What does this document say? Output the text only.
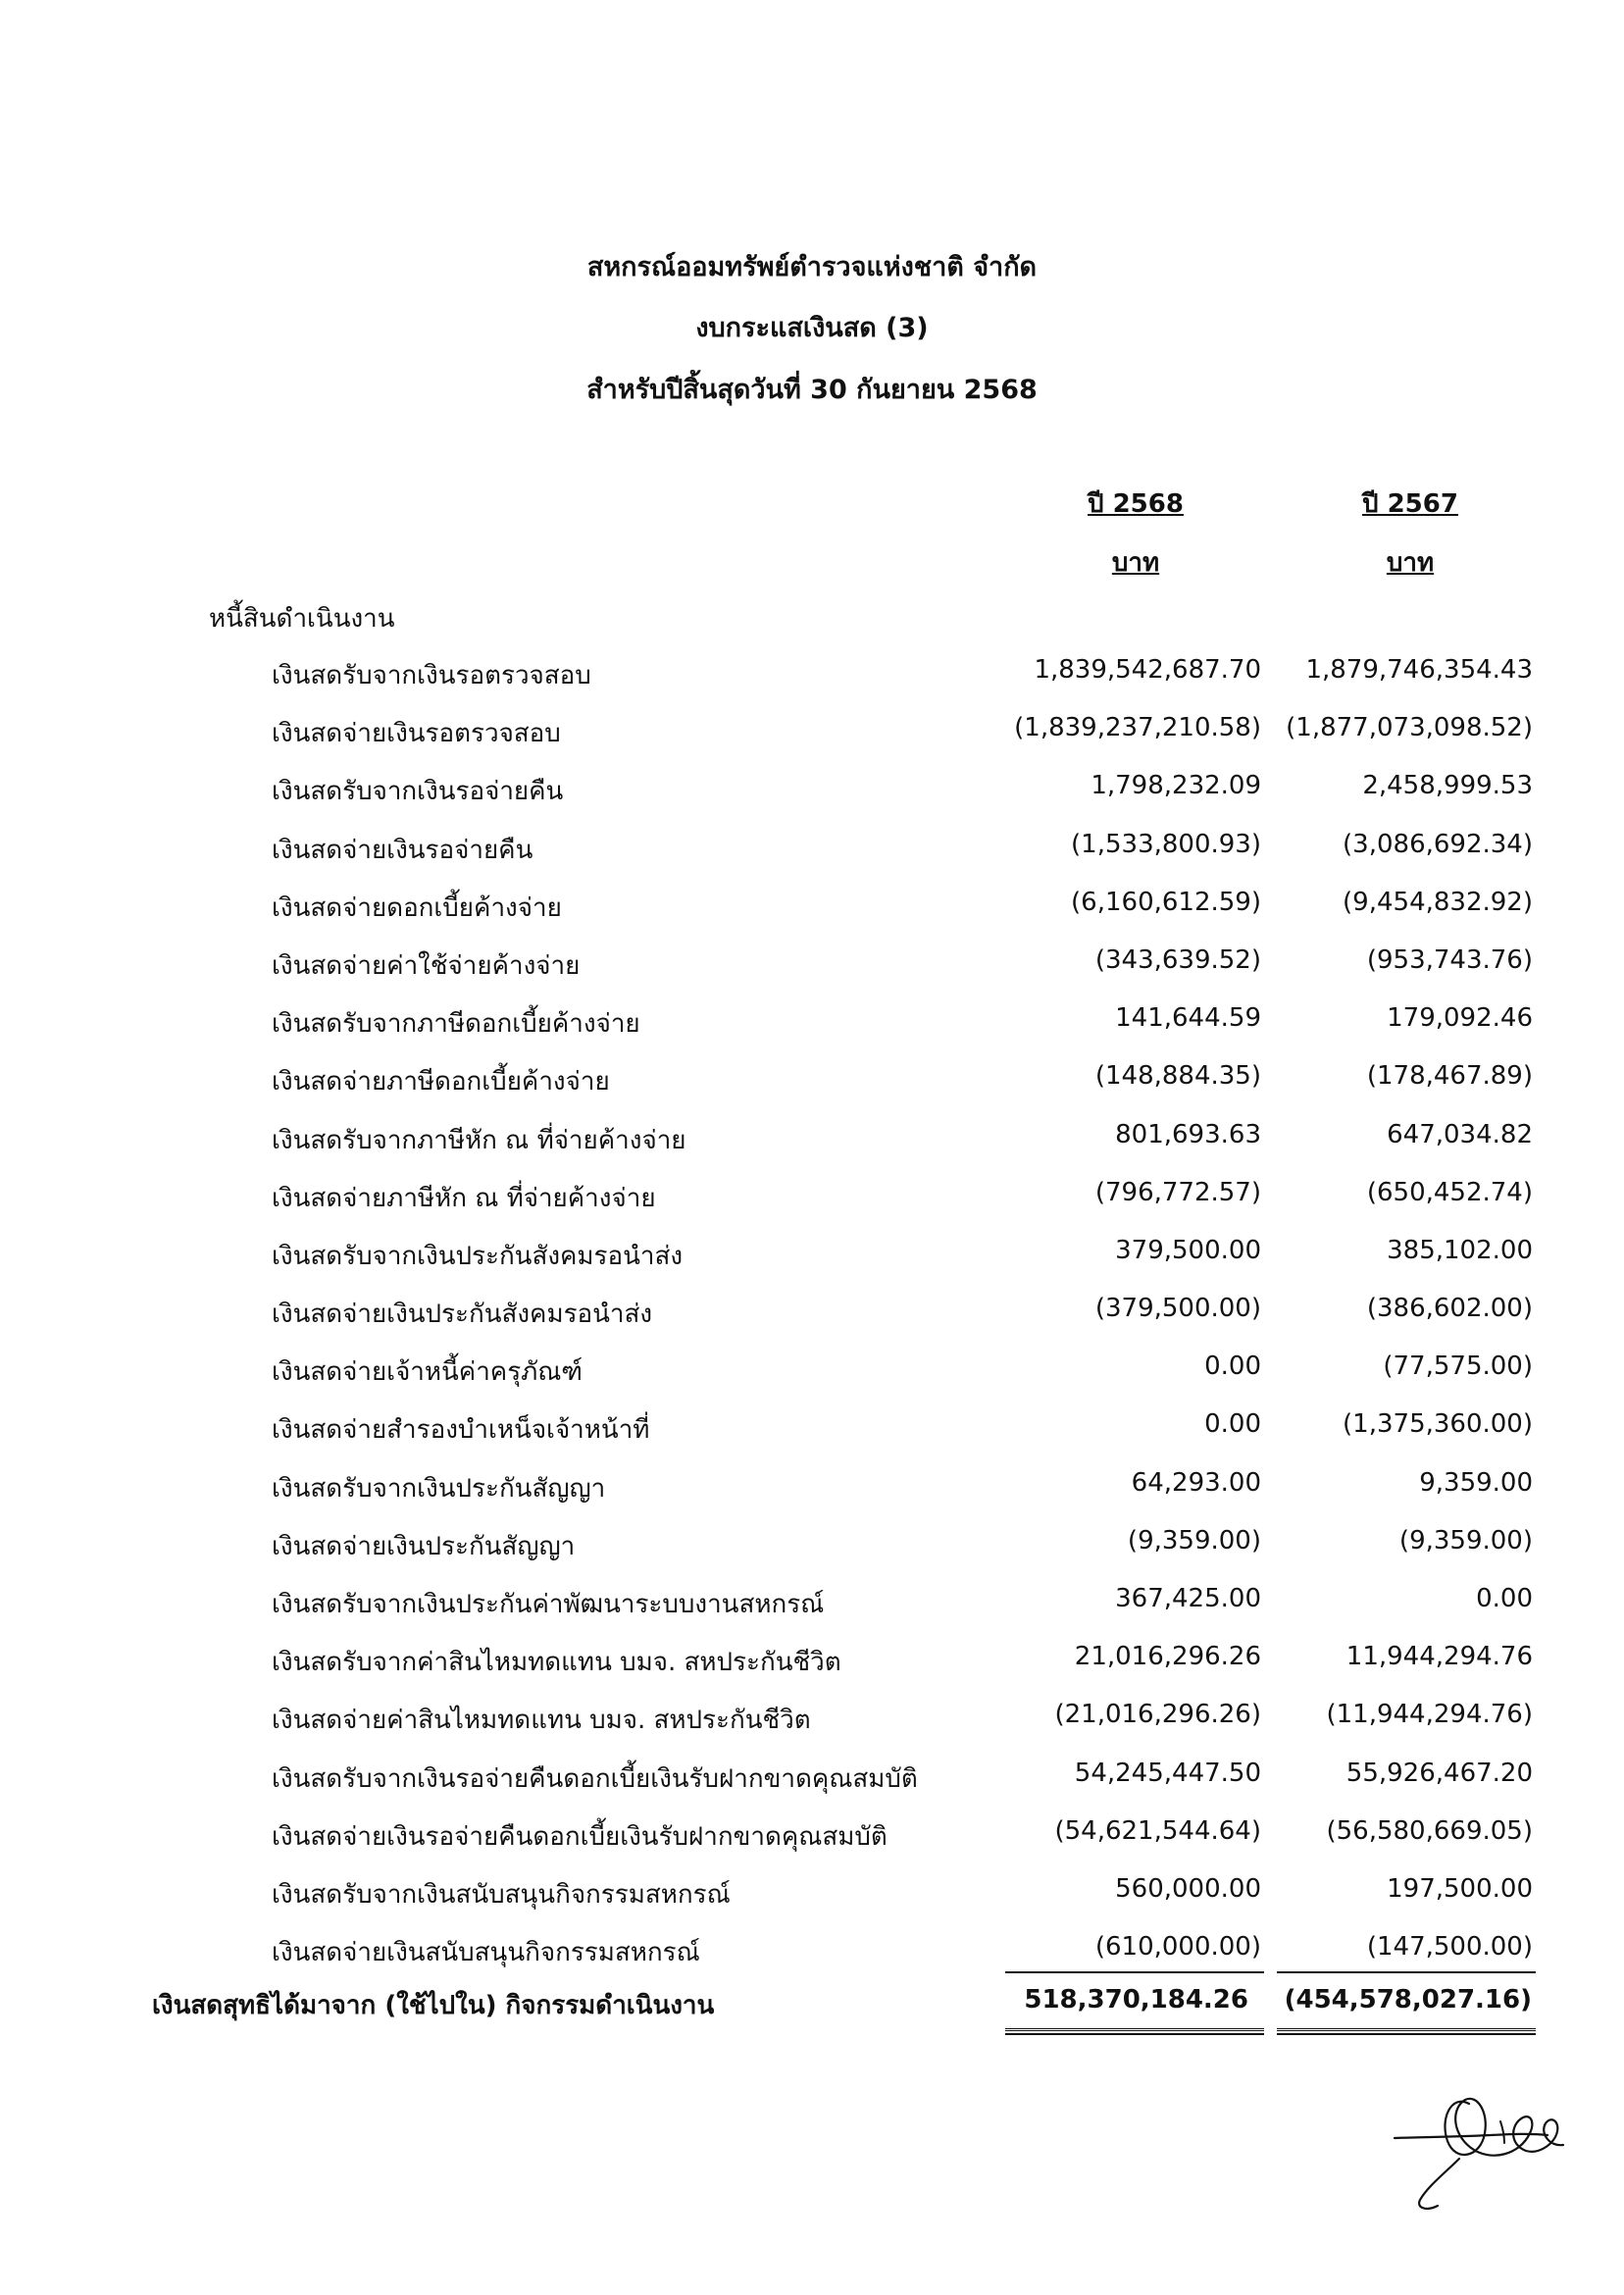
สหกรณ์ออมทรัพย์ตำรวจแห่งชาติ จำกัด
งบกระแสเงินสด (3)
สำหรับปีสิ้นสุดวันที่ 30 กันยายน 2568
ปี 2568	ปี 2567
บาท	บาท
หนี้สินดำเนินงาน
เงินสดรับจากเงินรอตรวจสอบ	1,839,542,687.70	1,879,746,354.43
เงินสดจ่ายเงินรอตรวจสอบ	(1,839,237,210.58) (1,877,073,098.52)
เงินสดรับจากเงินรอจ่ายคืน	1,798,232.09	2,458,999.53
เงินสดจ่ายเงินรอจ่ายคืน	(1,533,800.93)	(3,086,692.34)
เงินสดจ่ายดอกเบี้ยค้างจ่าย	(6,160,612.59)	(9,454,832.92)
เงินสดจ่ายค่าใช้จ่ายค้างจ่าย	(343,639.52)	(953,743.76)
เงินสดรับจากภาษีดอกเบี้ยค้างจ่าย	141,644.59	179,092.46
เงินสดจ่ายภาษีดอกเบี้ยค้างจ่าย	(148,884.35)	(178,467.89)
เงินสดรับจากภาษีหัก ณ ที่จ่ายค้างจ่าย	801,693.63	647,034.82
เงินสดจ่ายภาษีหัก ณ ที่จ่ายค้างจ่าย	(796,772.57)	(650,452.74)
เงินสดรับจากเงินประกันสังคมรอนำส่ง	379,500.00	385,102.00
เงินสดจ่ายเงินประกันสังคมรอนำส่ง	(379,500.00)	(386,602.00)
เงินสดจ่ายเจ้าหนี้ค่าครุภัณฑ์	0.00	(77,575.00)
เงินสดจ่ายสำรองบำเหน็จเจ้าหน้าที่	0.00	(1,375,360.00)
เงินสดรับจากเงินประกันสัญญา	64,293.00	9,359.00
เงินสดจ่ายเงินประกันสัญญา	(9,359.00)	(9,359.00)
เงินสดรับจากเงินประกันค่าพัฒนาระบบงานสหกรณ์	367,425.00	0.00
เงินสดรับจากค่าสินไหมทดแทน บมจ. สหประกันชีวิต	21,016,296.26	11,944,294.76
เงินสดจ่ายค่าสินไหมทดแทน บมจ. สหประกันชีวิต	(21,016,296.26)	(11,944,294.76)
เงินสดรับจากเงินรอจ่ายคืนดอกเบี้ยเงินรับฝากขาดคุณสมบัติ	54,245,447.50	55,926,467.20
เงินสดจ่ายเงินรอจ่ายคืนดอกเบี้ยเงินรับฝากขาดคุณสมบัติ	(54,621,544.64)	(56,580,669.05)
เงินสดรับจากเงินสนับสนุนกิจกรรมสหกรณ์	560,000.00	197,500.00
เงินสดจ่ายเงินสนับสนุนกิจกรรมสหกรณ์	(610,000.00)	(147,500.00)
เงินสดสุทธิได้มาจาก (ใช้ไปใน) กิจกรรมดำเนินงาน	518,370,184.26	(454,578,027.16)
